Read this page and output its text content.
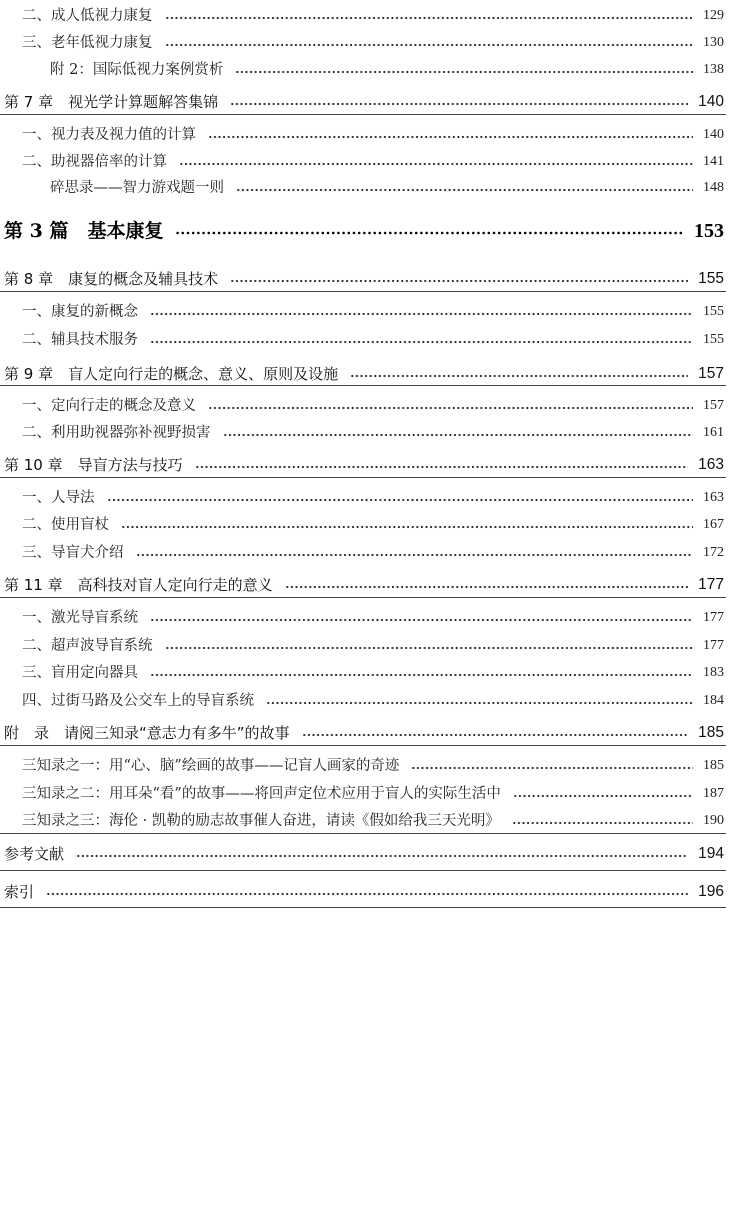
二、成人低视力康复	129
三、老年低视力康复	130
附 2：国际低视力案例赏析	138
第 7 章　视光学计算题解答集锦	140
一、视力表及视力值的计算	140
二、助视器倍率的计算	141
碎思录——智力游戏题一则	148
第 3 篇　基本康复	153
第 8 章　康复的概念及辅具技术	155
一、康复的新概念	155
二、辅具技术服务	155
第 9 章　盲人定向行走的概念、意义、原则及设施	157
一、定向行走的概念及意义	157
二、利用助视器弥补视野损害	161
第 10 章　导盲方法与技巧	163
一、人导法	163
二、使用盲杖	167
三、导盲犬介绍	172
第 11 章　高科技对盲人定向行走的意义	177
一、激光导盲系统	177
二、超声波导盲系统	177
三、盲用定向器具	183
四、过街马路及公交车上的导盲系统	184
附　录　请阅三知录“意志力有多牛”的故事	185
三知录之一：用“心、脑”绘画的故事——记盲人画家的奇迹	185
三知录之二：用耳朵“看”的故事——将回声定位术应用于盲人的实际生活中	187
三知录之三：海伦 · 凯勒的励志故事催人奋进，请读《假如给我三天光明》	190
参考文献	194
索引	196
